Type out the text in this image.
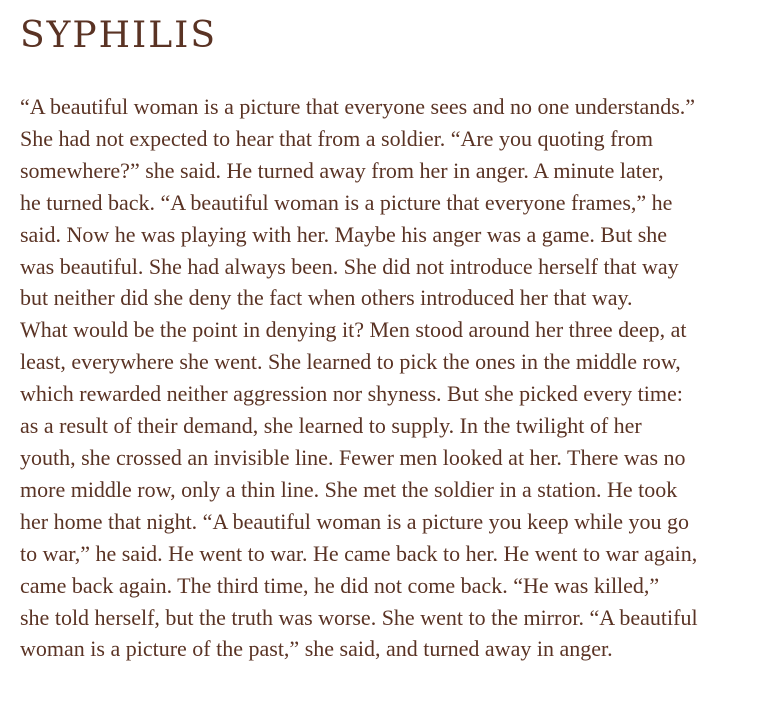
SYPHILIS
“A beautiful woman is a picture that everyone sees and no one understands.”
She had not expected to hear that from a soldier. “Are you quoting from
somewhere?” she said. He turned away from her in anger. A minute later,
he turned back. “A beautiful woman is a picture that everyone frames,” he
said. Now he was playing with her. Maybe his anger was a game. But she
was beautiful. She had always been. She did not introduce herself that way
but neither did she deny the fact when others introduced her that way.
What would be the point in denying it? Men stood around her three deep, at
least, everywhere she went. She learned to pick the ones in the middle row,
which rewarded neither aggression nor shyness. But she picked every time:
as a result of their demand, she learned to supply. In the twilight of her
youth, she crossed an invisible line. Fewer men looked at her. There was no
more middle row, only a thin line. She met the soldier in a station. He took
her home that night. “A beautiful woman is a picture you keep while you go
to war,” he said. He went to war. He came back to her. He went to war again,
came back again. The third time, he did not come back. “He was killed,”
she told herself, but the truth was worse. She went to the mirror. “A beautiful
woman is a picture of the past,” she said, and turned away in anger.
